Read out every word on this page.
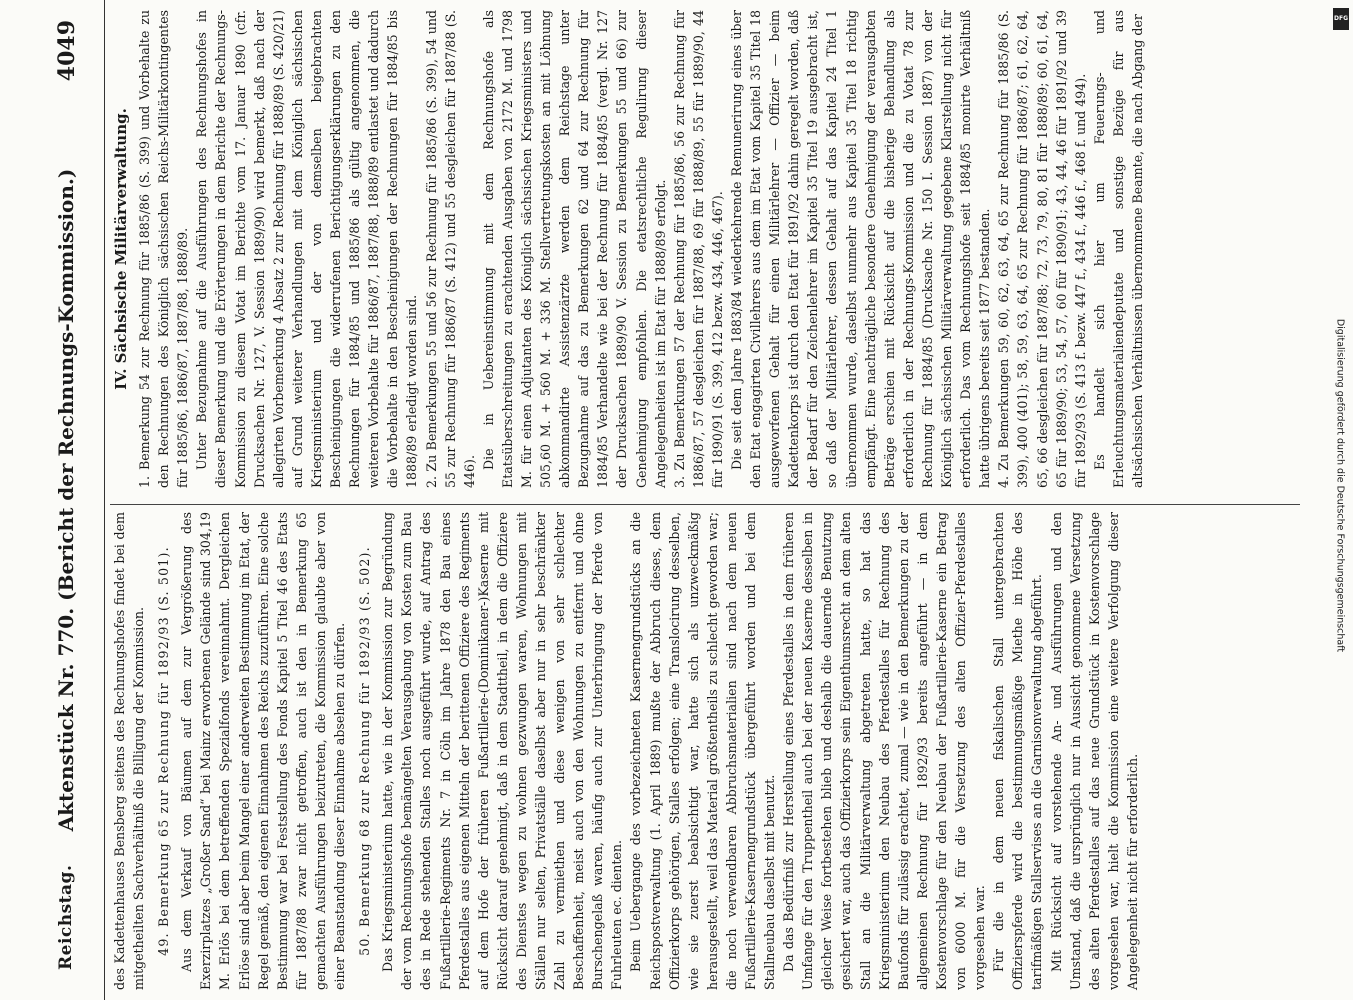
Reichstag.
Aktenstück Nr. 770. (Bericht der Rechnungs-Kommission.)
4049

des Kadettenhauses Bensberg seitens des Rechnungshofes findet bei dem mitgetheilten Sachverhältniß die Billigung der Kommission. 49. Bemerkung 65 zur Rechnung für 1892/93 (S. 501). Aus dem Verkauf von Bäumen auf dem zur Vergrößerung des Exerzirplatzes „Großer Sand“ bei Mainz erworbenen Gelände sind 304,19 M. Erlös bei dem betreffenden Spezialfonds vereinnahmt. Dergleichen Erlöse sind aber beim Mangel einer anderweiten Bestimmung im Etat, der Regel gemäß, den eigenen Einnahmen des Reichs zuzuführen. Eine solche Bestimmung war bei Feststellung des Fonds Kapitel 5 Titel 46 des Etats für 1887/88 zwar nicht getroffen, auch ist den in Bemerkung 65 gemachten Ausführungen beizutreten, die Kommission glaubte aber von einer Beanstandung dieser Einnahme absehen zu dürfen. 50. Bemerkung 68 zur Rechnung für 1892/93 (S. 502). Das Kriegsministerium hatte, wie in der Kommission zur Begründung der vom Rechnungshofe bemängelten Verausgabung von Kosten zum Bau des in Rede stehenden Stalles noch ausgeführt wurde, auf Antrag des Fußartillerie-Regiments Nr. 7 in Cöln im Jahre 1878 den Bau eines Pferdestalles aus eigenen Mitteln der berittenen Offiziere des Regiments auf dem Hofe der früheren Fußartillerie-(Dominikaner-)Kaserne mit Rücksicht darauf genehmigt, daß in dem Stadttheil, in dem die Offiziere des Dienstes wegen zu wohnen gezwungen waren, Wohnungen mit Ställen nur selten, Privatställe daselbst aber nur in sehr beschränkter Zahl zu vermiethen und diese wenigen von sehr schlechter Beschaffenheit, meist auch von den Wohnungen zu entfernt und ohne Burschengelaß waren, häufig auch zur Unterbringung der Pferde von Fuhrleuten ec. dienten. Beim Uebergange des vorbezeichneten Kasernengrundstücks an die Reichspostverwaltung (1. April 1889) mußte der Abbruch dieses, dem Offizierkorps gehörigen, Stalles erfolgen; eine Translocirung desselben, wie sie zuerst beabsichtigt war, hatte sich als unzweckmäßig herausgestellt, weil das Material größtentheils zu schlecht geworden war; die noch verwendbaren Abbruchsmaterialien sind nach dem neuen Fußartillerie-Kasernengrundstück übergeführt worden und bei dem Stallneubau daselbst mit benutzt. Da das Bedürfniß zur Herstellung eines Pferdestalles in dem früheren Umfange für den Truppentheil auch bei der neuen Kaserne desselben in gleicher Weise fortbestehen blieb und deshalb die dauernde Benutzung gesichert war, auch das Offizierkorps sein Eigenthumsrecht an dem alten Stall an die Militärverwaltung abgetreten hatte, so hat das Kriegsministerium den Neubau des Pferdestalles für Rechnung des Baufonds für zulässig erachtet, zumal — wie in den Bemerkungen zu der allgemeinen Rechnung für 1892/93 bereits angeführt — in dem Kostenvorschlage für den Neubau der Fußartillerie-Kaserne ein Betrag von 6000 M. für die Versetzung des alten Offizier-Pferdestalles vorgesehen war. Für die in dem neuen fiskalischen Stall untergebrachten Offizierspferde wird die bestimmungsmäßige Miethe in Höhe des tarifmäßigen Stallservises an die Garnisonverwaltung abgeführt. Mit Rücksicht auf vorstehende An- und Ausführungen und den Umstand, daß die ursprünglich nur in Aussicht genommene Versetzung des alten Pferdestalles auf das neue Grundstück in Kostenvorschlage vorgesehen war, hielt die Kommission eine weitere Verfolgung dieser Angelegenheit nicht für erforderlich.

IV. Sächsische Militärverwaltung. 1. Bemerkung 54 zur Rechnung für 1885/86 (S. 399) und Vorbehalte zu den Rechnungen des Königlich sächsischen Reichs-Militärkontingentes für 1885/86, 1886/87, 1887/88, 1888/89. Unter Bezugnahme auf die Ausführungen des Rechnungshofes in dieser Bemerkung und die Erörterungen in dem Berichte der Rechnungs-Kommission zu diesem Votat im Berichte vom 17. Januar 1890 (cfr. Drucksachen Nr. 127, V. Session 1889/90) wird bemerkt, daß nach der allegirten Vorbemerkung 4 Absatz 2 zur Rechnung für 1888/89 (S. 420/21) auf Grund weiterer Verhandlungen mit dem Königlich sächsischen Kriegsministerium und der von demselben beigebrachten Bescheinigungen die widerrufenen Berichtigungserklärungen zu den Rechnungen für 1884/85 und 1885/86 als gültig angenommen, die weiteren Vorbehalte für 1886/87, 1887/88, 1888/89 entlastet und dadurch die Vorbehalte in den Bescheinigungen der Rechnungen für 1884/85 bis 1888/89 erledigt worden sind. 2. Zu Bemerkungen 55 und 56 zur Rechnung für 1885/86 (S. 399), 54 und 55 zur Rechnung für 1886/87 (S. 412) und 55 desgleichen für 1887/88 (S. 446).

Die in Uebereinstimmung mit dem Rechnungshofe als Etatsüberschreitungen zu erachtenden Ausgaben von 2172 M. und 1798 M. für einen Adjutanten des Königlich sächsischen Kriegsministers und 505,60 M. + 560 M. + 336 M. Stellvertretungskosten an mit Löhnung abkommandirte Assistenzärzte werden dem Reichstage unter Bezugnahme auf das zu Bemerkungen 62 und 64 zur Rechnung für 1884/85 Verhandelte wie bei der Rechnung für 1884/85 (vergl. Nr. 127 der Drucksachen 1889/90 V. Session zu Bemerkungen 55 und 66) zur Genehmigung empfohlen. Die etatsrechtliche Regulirung dieser Angelegenheiten ist im Etat für 1888/89 erfolgt. 3. Zu Bemerkungen 57 der Rechnung für 1885/86, 56 zur Rechnung für 1886/87, 57 desgleichen für 1887/88, 69 für 1888/89, 55 für 1889/90, 44 für 1890/91 (S. 399, 412 bezw. 434, 446, 467). Die seit dem Jahre 1883/84 wiederkehrende Remunerirung eines über den Etat engagirten Civillehrers aus dem im Etat vom Kapitel 35 Titel 18 ausgeworfenen Gehalt für einen Militärlehrer — Offizier — beim Kadettenkorps ist durch den Etat für 1891/92 dahin geregelt worden, daß der Bedarf für den Zeichenlehrer im Kapitel 35 Titel 19 ausgebracht ist, so daß der Militärlehrer, dessen Gehalt auf das Kapitel 24 Titel 1 übernommen wurde, daselbst nunmehr aus Kapitel 35 Titel 18 richtig empfängt. Eine nachträgliche besondere Genehmigung der verausgabten Beträge erschien mit Rücksicht auf die bisherige Behandlung als erforderlich in der Rechnungs-Kommission und die zu Votat 78 zur Rechnung für 1884/85 (Drucksache Nr. 150 I. Session 1887) von der Königlich sächsischen Militärverwaltung gegebene Klarstellung nicht für erforderlich. Das vom Rechnungshofe seit 1884/85 monirte Verhältniß hatte übrigens bereits seit 1877 bestanden. 4. Zu Bemerkungen 59, 60, 62, 63, 64, 65 zur Rechnung für 1885/86 (S. 399), 400 (401); 58, 59, 63, 64, 65 zur Rechnung für 1886/87; 61, 62, 64, 65, 66 desgleichen für 1887/88; 72, 73, 79, 80, 81 für 1888/89; 60, 61, 64, 65 für 1889/90; 53, 54, 57, 60 für 1890/91; 43, 44, 46 für 1891/92 und 39 für 1892/93 (S. 413 f. bezw. 447 f., 434 f., 446 f., 468 f. und 494). Es handelt sich hier um Feuerungs- und Erleuchtungsmaterialiendeputate und sonstige Bezüge für aus altsächsischen Verhältnissen übernommene Beamte, die nach Abgang der	DFG
Digitalisierung gefördert durch die Deutsche Forschungsgemeinschaft
